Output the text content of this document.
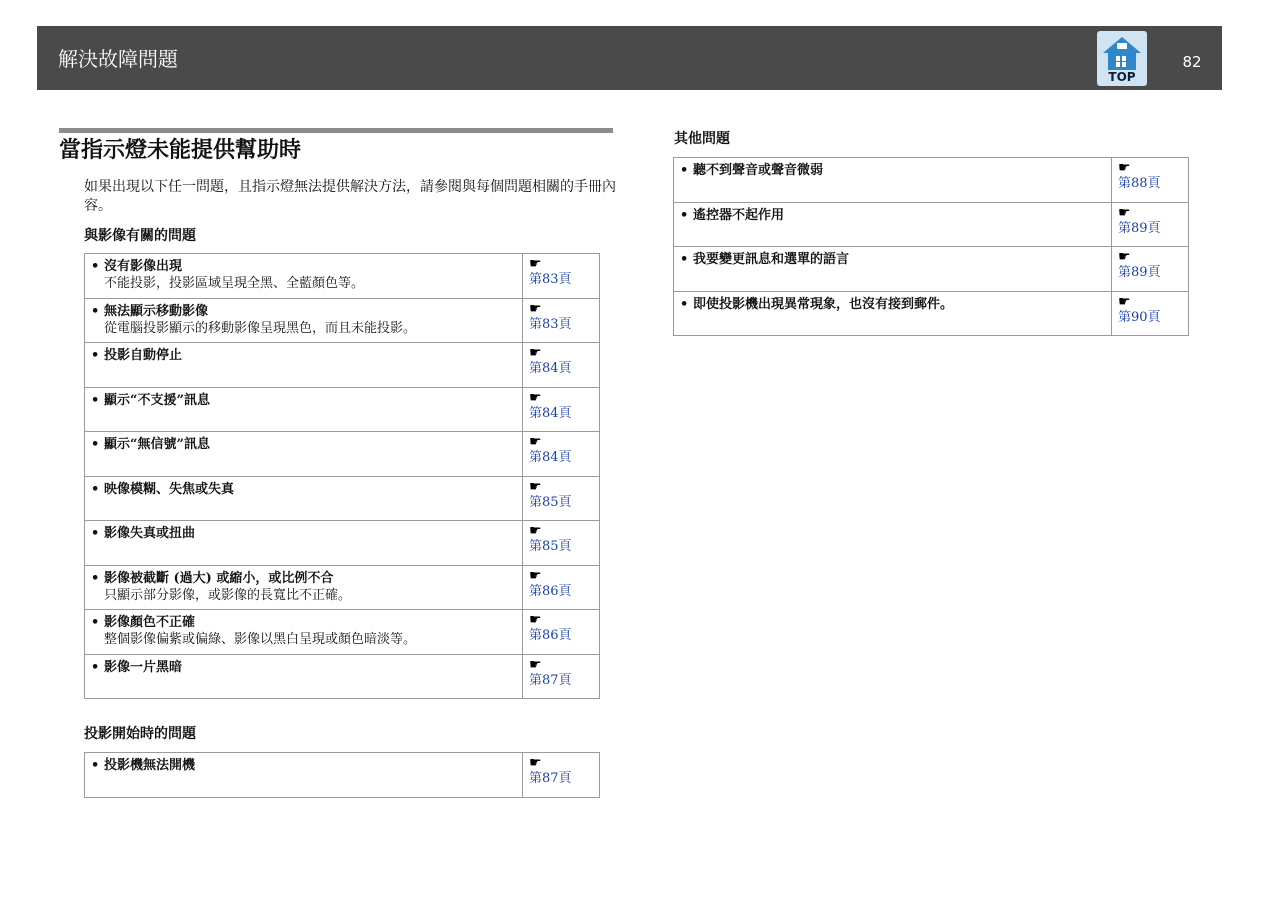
解決故障問題
TOP
82
當指示燈未能提供幫助時
如果出現以下任一問題，且指示燈無法提供解決方法，請參閱與每個問題相關的手冊內容。
與影像有關的問題
• 沒有影像出現
不能投影，投影區域呈現全黑、全藍顏色等。	☛
第83頁

• 無法顯示移動影像
從電腦投影顯示的移動影像呈現黑色，而且未能投影。	☛
第83頁

• 投影自動停止	☛
第84頁

• 顯示“不支援”訊息	☛
第84頁

• 顯示“無信號”訊息	☛
第84頁

• 映像模糊、失焦或失真	☛
第85頁

• 影像失真或扭曲	☛
第85頁

• 影像被截斷 (過大) 或縮小，或比例不合
只顯示部分影像，或影像的長寬比不正確。	☛
第86頁

• 影像顏色不正確
整個影像偏紫或偏綠、影像以黑白呈現或顏色暗淡等。	☛
第86頁

• 影像一片黑暗	☛
第87頁
投影開始時的問題
• 投影機無法開機	☛
第87頁
其他問題
• 聽不到聲音或聲音微弱	☛
第88頁

• 遙控器不起作用	☛
第89頁

• 我要變更訊息和選單的語言	☛
第89頁

• 即使投影機出現異常現象，也沒有接到郵件。	☛
第90頁
